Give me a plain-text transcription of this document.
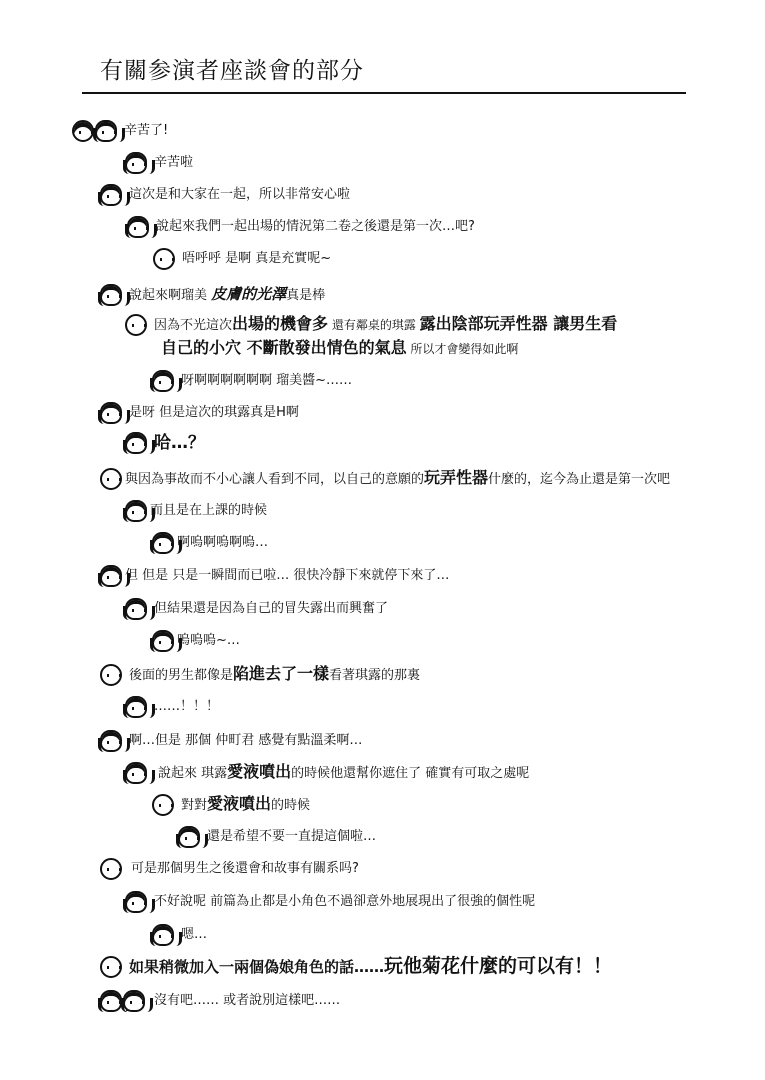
有關参演者座談會的部分
辛苦了!
辛苦啦
這次是和大家在一起，所以非常安心啦
說起來我們一起出場的情況第二卷之後還是第一次…吧?
唔呼呼 是啊 真是充實呢~
說起來啊瑠美 皮膚的光澤真是棒
因為不光這次出場的機會多 還有鄰桌的琪露 露出陰部玩弄性器 讓男生看
自己的小穴 不斷散發出情色的氣息 所以才會變得如此啊
呀啊啊啊啊啊啊 瑠美醬~……
是呀 但是這次的琪露真是H啊
哈…？
與因為事故而不小心讓人看到不同，以自己的意願的玩弄性器什麼的，迄今為止還是第一次吧
而且是在上課的時候
啊嗚啊嗚啊嗚…
但 但是 只是一瞬間而已啦… 很快冷靜下來就停下來了…
但結果還是因為自己的冒失露出而興奮了
嗚嗚嗚~…
後面的男生都像是陷進去了一樣看著琪露的那裏
‥‥‥！！！
啊…但是 那個 仲町君 感覺有點溫柔啊…
說起來 琪露愛液噴出的時候他還幫你遮住了 確實有可取之處呢
對對愛液噴出的時候
還是希望不要一直提這個啦…
可是那個男生之後還會和故事有關系吗?
不好說呢 前篇為止都是小角色不過卻意外地展現出了很強的個性呢
嗯…
如果稍微加入一兩個偽娘角色的話……玩他菊花什麼的可以有！！
沒有吧…… 或者說別這樣吧……
